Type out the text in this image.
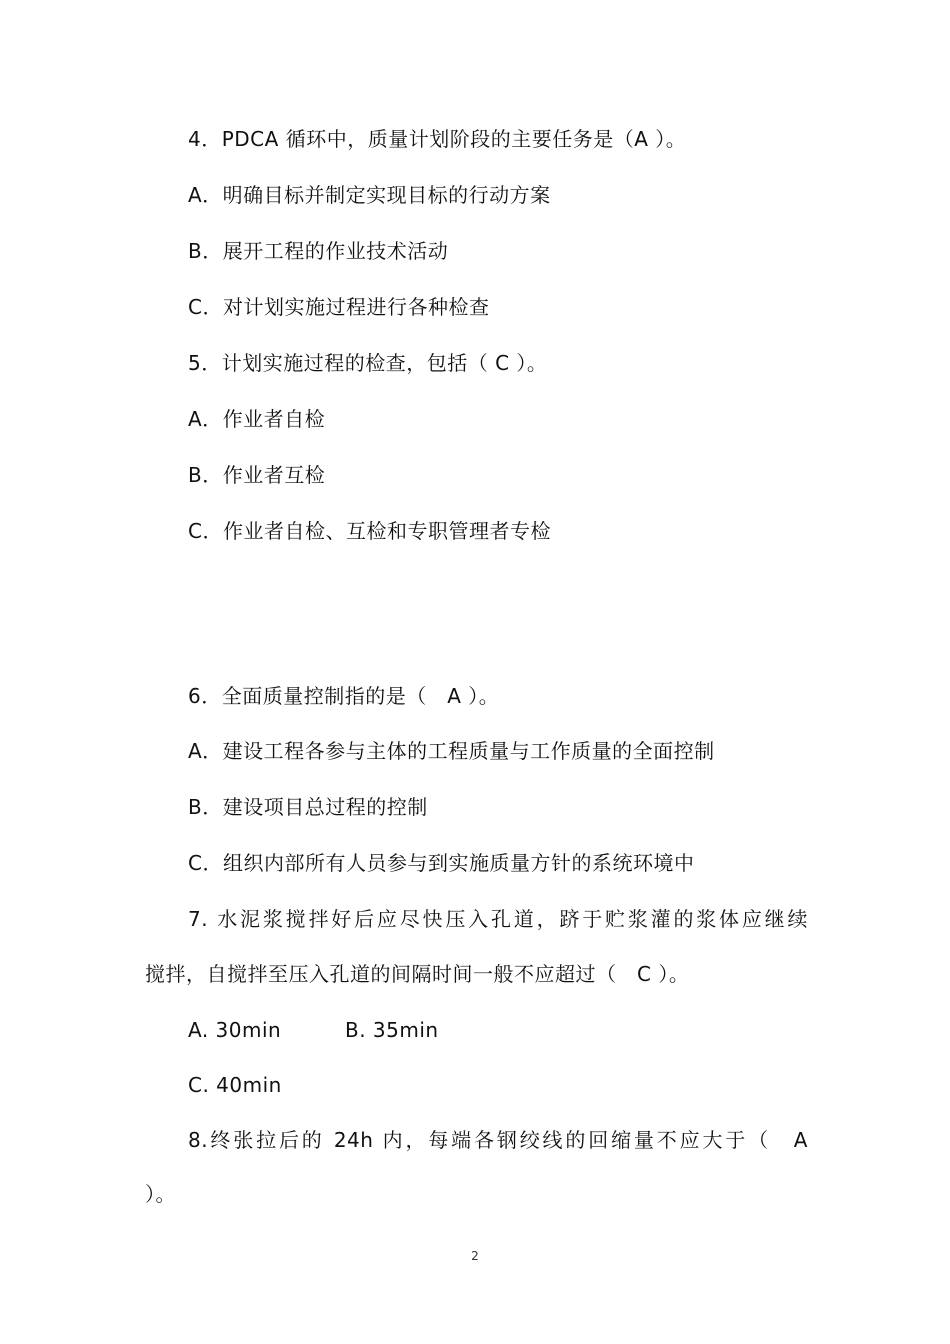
4．PDCA 循环中，质量计划阶段的主要任务是（A ）。
A．明确目标并制定实现目标的行动方案
B．展开工程的作业技术活动
C．对计划实施过程进行各种检查
5．计划实施过程的检查，包括（ C ）。
A．作业者自检
B．作业者互检
C．作业者自检、互检和专职管理者专检
6．全面质量控制指的是（　A ）。
A．建设工程各参与主体的工程质量与工作质量的全面控制
B．建设项目总过程的控制
C．组织内部所有人员参与到实施质量方针的系统环境中
7. 水泥浆搅拌好后应尽快压入孔道，跻于贮浆灌的浆体应继续
搅拌，自搅拌至压入孔道的间隔时间一般不应超过（　C ）。
A. 30min	B. 35min
C. 40min
8.终张拉后的 24h 内，每端各钢绞线的回缩量不应大于（　A
）。
2
